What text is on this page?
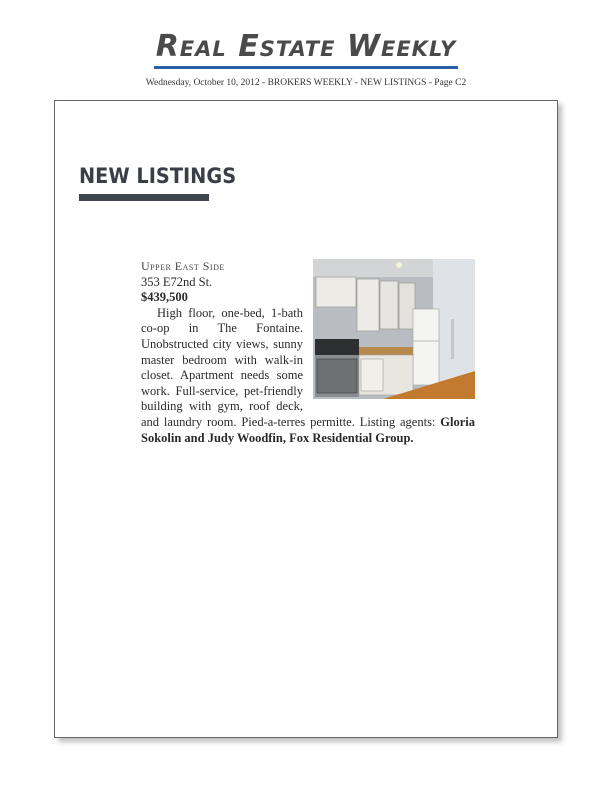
Real Estate Weekly
Wednesday, October 10, 2012 - BROKERS WEEKLY - NEW LISTINGS - Page C2
NEW LISTINGS
Upper East Side
353 E72nd St.
$439,500

High floor, one-bed, 1-bath co-op in The Fontaine. Unobstructed city views, sunny master bedroom with walk-in closet. Apartment needs some work. Full-service, pet-friendly building with gym, roof deck, and laundry room. Pied-a-terres permitte. Listing agents: Gloria Sokolin and Judy Woodfin, Fox Residential Group.
